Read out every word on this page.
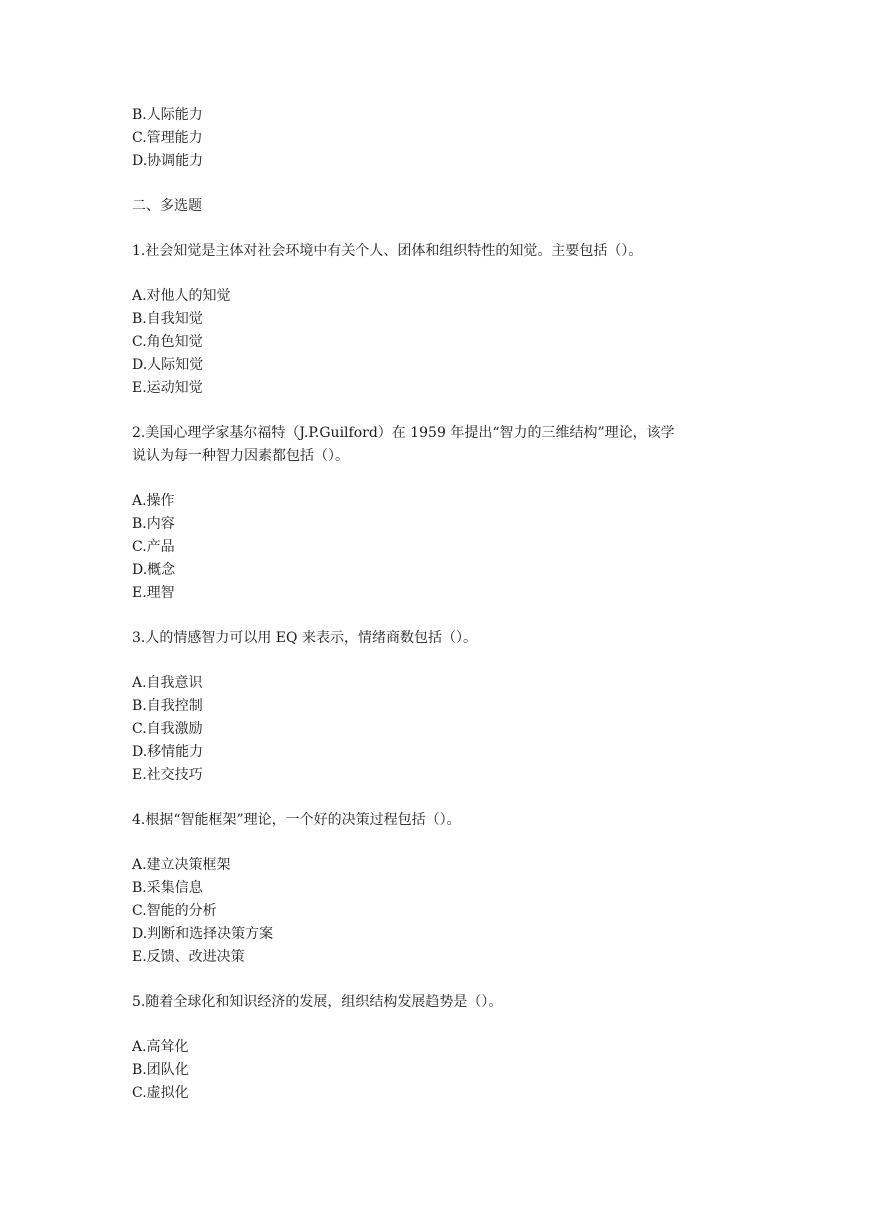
B.人际能力
C.管理能力
D.协调能力
二、多选题
1.社会知觉是主体对社会环境中有关个人、团体和组织特性的知觉。主要包括（）。
A.对他人的知觉
B.自我知觉
C.角色知觉
D.人际知觉
E.运动知觉
2.美国心理学家基尔福特（J.P.Guilford）在 1959 年提出“智力的三维结构”理论，该学
说认为每一种智力因素都包括（）。
A.操作
B.内容
C.产品
D.概念
E.理智
3.人的情感智力可以用 EQ 来表示，情绪商数包括（）。
A.自我意识
B.自我控制
C.自我激励
D.移情能力
E.社交技巧
4.根据“智能框架”理论，一个好的决策过程包括（）。
A.建立决策框架
B.采集信息
C.智能的分析
D.判断和选择决策方案
E.反馈、改进决策
5.随着全球化和知识经济的发展，组织结构发展趋势是（）。
A.高耸化
B.团队化
C.虚拟化
